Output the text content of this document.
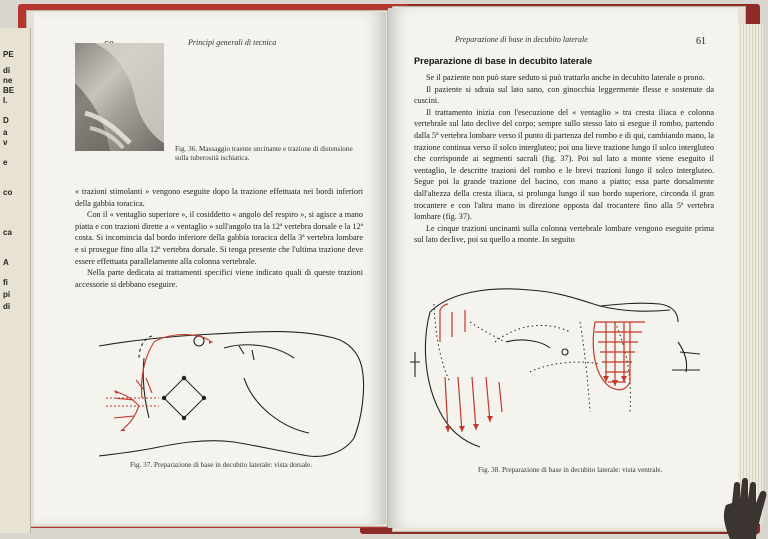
PE
di
ne
BE
I.
D
a
v
e
co
ca
A
fi
pi
di
Principi generali di tecnica
Fig. 36. Massaggio traente uncinante e trazione di distensione sulla tuberosità ischiatica.

« trazioni stimolanti » vengono eseguite dopo la trazione effettuata nei bordi inferiori della gabbia toracica.

Con il « ventaglio superiore », il cosiddetto « angolo del respiro », si agisce a mano piatta e con trazioni dirette a « ventaglio » sull'angolo tra la 12ª vertebra dorsale e la 12ª costa. Si incomincia dal bordo inferiore della gabbia toracica della 3ª vertebra lombare e si prosegue fino alla 12ª vertebra dorsale. Si tenga presente che l'ultima trazione deve essere effettuata parallelamente alla colonna vertebrale.

Nella parte dedicata ai trattamenti specifici viene indicato quali di queste trazioni accessorie si debbano eseguire.

Fig. 37. Preparazione di base in decubito laterale: vista dorsale.
Preparazione di base in decubito laterale	61
Preparazione di base in decubito laterale

Se il paziente non può stare seduto si può trattarlo anche in decubito laterale o prono.

Il paziente si sdraia sul lato sano, con ginocchia leggermente flesse e sostenute da cuscini.

Il trattamento inizia con l'esecuzione del « ventaglio » tra cresta iliaca e colonna vertebrale sul lato declive del corpo; sempre sullo stesso lato si esegue il rombo, partendo dalla 5ª vertebra lombare verso il punto di partenza del rombo e di qui, cambiando mano, la trazione continua verso il solco intergluteo; poi una lieve trazione lungo il solco intergluteo che corrisponde ai segmenti sacrali (fig. 37). Poi sul lato a monte viene eseguito il ventaglio, le descritte trazioni del rombo e le brevi trazioni lungo il solco intergluteo. Segue poi la grande trazione del bacino, con mano a piatto; essa parte dorsalmente dall'altezza della cresta iliaca, si prolunga lungo il suo bordo superiore, circonda il gran trocantere e con l'altra mano in direzione opposta dal trocantere fino alla 5ª vertebra lombare (fig. 37).

Le cinque trazioni uncinanti sulla colonna vertebrale lombare vengono eseguite prima sul lato declive, poi su quello a monte. In seguito

Fig. 38. Preparazione di base in decubito laterale: vista ventrale.
